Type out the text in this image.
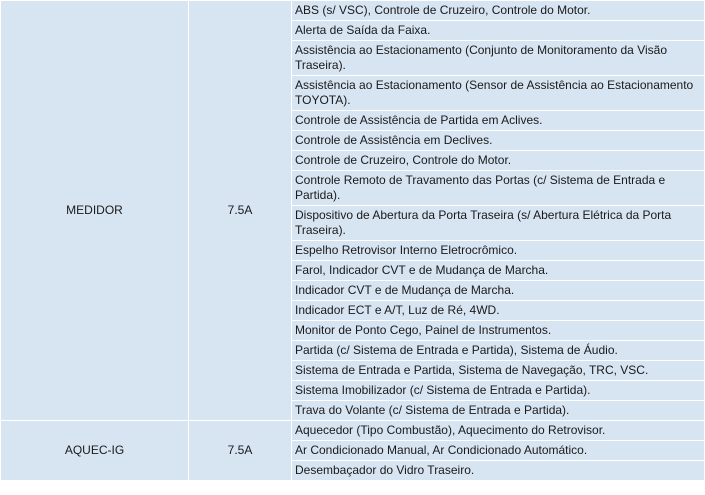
MEDIDOR	7.5A	ABS (s/ VSC), Controle de Cruzeiro, Controle do Motor.
		Alerta de Saída da Faixa.
		Assistência ao Estacionamento (Conjunto de Monitoramento da Visão Traseira).
		Assistência ao Estacionamento (Sensor de Assistência ao Estacionamento TOYOTA).
		Controle de Assistência de Partida em Aclives.
		Controle de Assistência em Declives.
		Controle de Cruzeiro, Controle do Motor.
		Controle Remoto de Travamento das Portas (c/ Sistema de Entrada e Partida).
		Dispositivo de Abertura da Porta Traseira (s/ Abertura Elétrica da Porta Traseira).
		Espelho Retrovisor Interno Eletrocrômico.
		Farol, Indicador CVT e de Mudança de Marcha.
		Indicador CVT e de Mudança de Marcha.
		Indicador ECT e A/T, Luz de Ré, 4WD.
		Monitor de Ponto Cego, Painel de Instrumentos.
		Partida (c/ Sistema de Entrada e Partida), Sistema de Áudio.
		Sistema de Entrada e Partida, Sistema de Navegação, TRC, VSC.
		Sistema Imobilizador (c/ Sistema de Entrada e Partida).
		Trava do Volante (c/ Sistema de Entrada e Partida).
AQUEC-IG	7.5A	Aquecedor (Tipo Combustão), Aquecimento do Retrovisor.
		Ar Condicionado Manual, Ar Condicionado Automático.
		Desembaçador do Vidro Traseiro.
